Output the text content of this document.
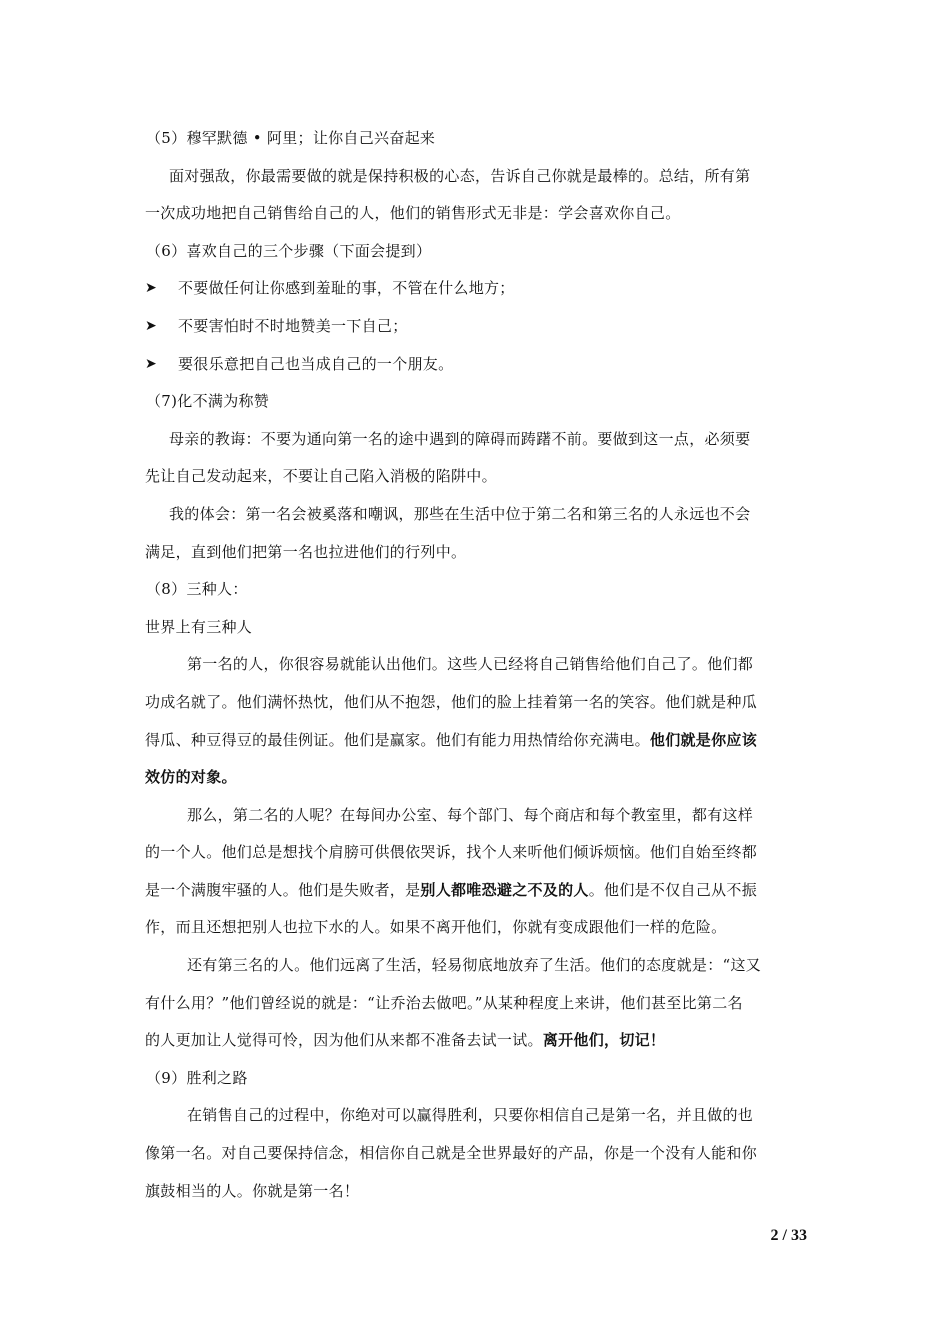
（5）穆罕默德 • 阿里；让你自己兴奋起来
面对强敌，你最需要做的就是保持积极的心态，告诉自己你就是最棒的。总结，所有第
一次成功地把自己销售给自己的人，他们的销售形式无非是：学会喜欢你自己。
（6）喜欢自己的三个步骤（下面会提到）
➤	不要做任何让你感到羞耻的事，不管在什么地方；
➤	不要害怕时不时地赞美一下自己；
➤	要很乐意把自己也当成自己的一个朋友。
（7)化不满为称赞
母亲的教诲：不要为通向第一名的途中遇到的障碍而踌躇不前。要做到这一点，必须要
先让自己发动起来，不要让自己陷入消极的陷阱中。
我的体会：第一名会被奚落和嘲讽，那些在生活中位于第二名和第三名的人永远也不会
满足，直到他们把第一名也拉进他们的行列中。
（8）三种人：
世界上有三种人
第一名的人，你很容易就能认出他们。这些人已经将自己销售给他们自己了。他们都
功成名就了。他们满怀热忱，他们从不抱怨，他们的脸上挂着第一名的笑容。他们就是种瓜
得瓜、种豆得豆的最佳例证。他们是赢家。他们有能力用热情给你充满电。他们就是你应该
效仿的对象。
那么，第二名的人呢？在每间办公室、每个部门、每个商店和每个教室里，都有这样
的一个人。他们总是想找个肩膀可供偎依哭诉，找个人来听他们倾诉烦恼。他们自始至终都
是一个满腹牢骚的人。他们是失败者，是别人都唯恐避之不及的人。他们是不仅自己从不振
作，而且还想把别人也拉下水的人。如果不离开他们，你就有变成跟他们一样的危险。
还有第三名的人。他们远离了生活，轻易彻底地放弃了生活。他们的态度就是：“这又
有什么用？”他们曾经说的就是：“让乔治去做吧。”从某种程度上来讲，他们甚至比第二名
的人更加让人觉得可怜，因为他们从来都不准备去试一试。离开他们，切记！
（9）胜利之路
在销售自己的过程中，你绝对可以赢得胜利，只要你相信自己是第一名，并且做的也
像第一名。对自己要保持信念，相信你自己就是全世界最好的产品，你是一个没有人能和你
旗鼓相当的人。你就是第一名！
2 / 33
